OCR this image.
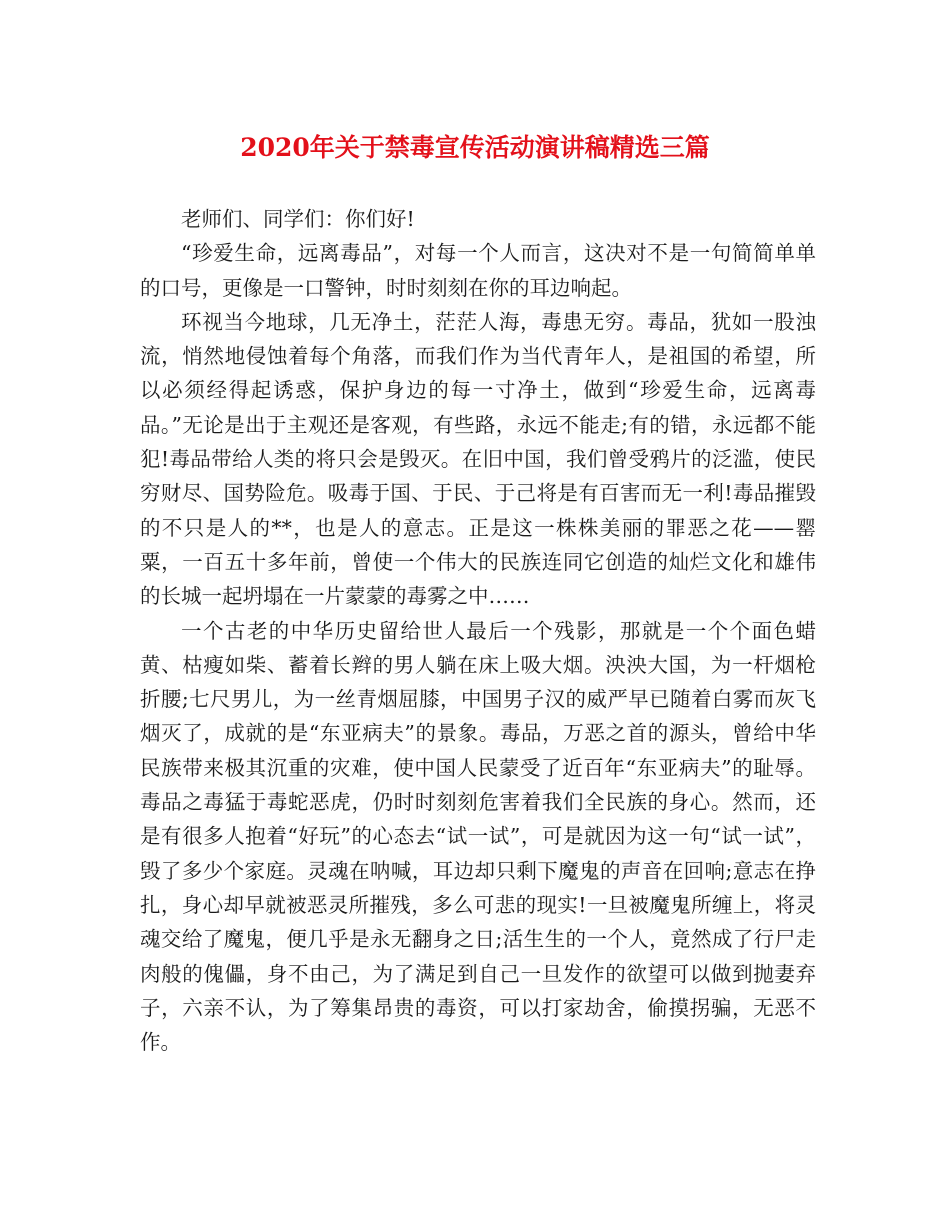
2020年关于禁毒宣传活动演讲稿精选三篇

老师们、同学们：你们好!

“珍爱生命，远离毒品”，对每一个人而言，这决对不是一句简简单单的口号，更像是一口警钟，时时刻刻在你的耳边响起。

环视当今地球，几无净土，茫茫人海，毒患无穷。毒品，犹如一股浊流，悄然地侵蚀着每个角落，而我们作为当代青年人，是祖国的希望，所以必须经得起诱惑，保护身边的每一寸净土，做到“珍爱生命，远离毒品。”无论是出于主观还是客观，有些路，永远不能走;有的错，永远都不能犯!毒品带给人类的将只会是毁灭。在旧中国，我们曾受鸦片的泛滥，使民穷财尽、国势险危。吸毒于国、于民、于己将是有百害而无一利!毒品摧毁的不只是人的**，也是人的意志。正是这一株株美丽的罪恶之花——罂粟，一百五十多年前，曾使一个伟大的民族连同它创造的灿烂文化和雄伟的长城一起坍塌在一片蒙蒙的毒雾之中……

一个古老的中华历史留给世人最后一个残影，那就是一个个面色蜡黄、枯瘦如柴、蓄着长辫的男人躺在床上吸大烟。泱泱大国，为一杆烟枪折腰;七尺男儿，为一丝青烟屈膝，中国男子汉的威严早已随着白雾而灰飞烟灭了，成就的是“东亚病夫”的景象。毒品，万恶之首的源头，曾给中华民族带来极其沉重的灾难，使中国人民蒙受了近百年“东亚病夫”的耻辱。毒品之毒猛于毒蛇恶虎，仍时时刻刻危害着我们全民族的身心。然而，还是有很多人抱着“好玩”的心态去“试一试”，可是就因为这一句“试一试”，毁了多少个家庭。灵魂在呐喊，耳边却只剩下魔鬼的声音在回响;意志在挣扎，身心却早就被恶灵所摧残，多么可悲的现实!一旦被魔鬼所缠上，将灵魂交给了魔鬼，便几乎是永无翻身之日;活生生的一个人，竟然成了行尸走肉般的傀儡，身不由己，为了满足到自己一旦发作的欲望可以做到抛妻弃子，六亲不认，为了筹集昂贵的毒资，可以打家劫舍，偷摸拐骗，无恶不作。
